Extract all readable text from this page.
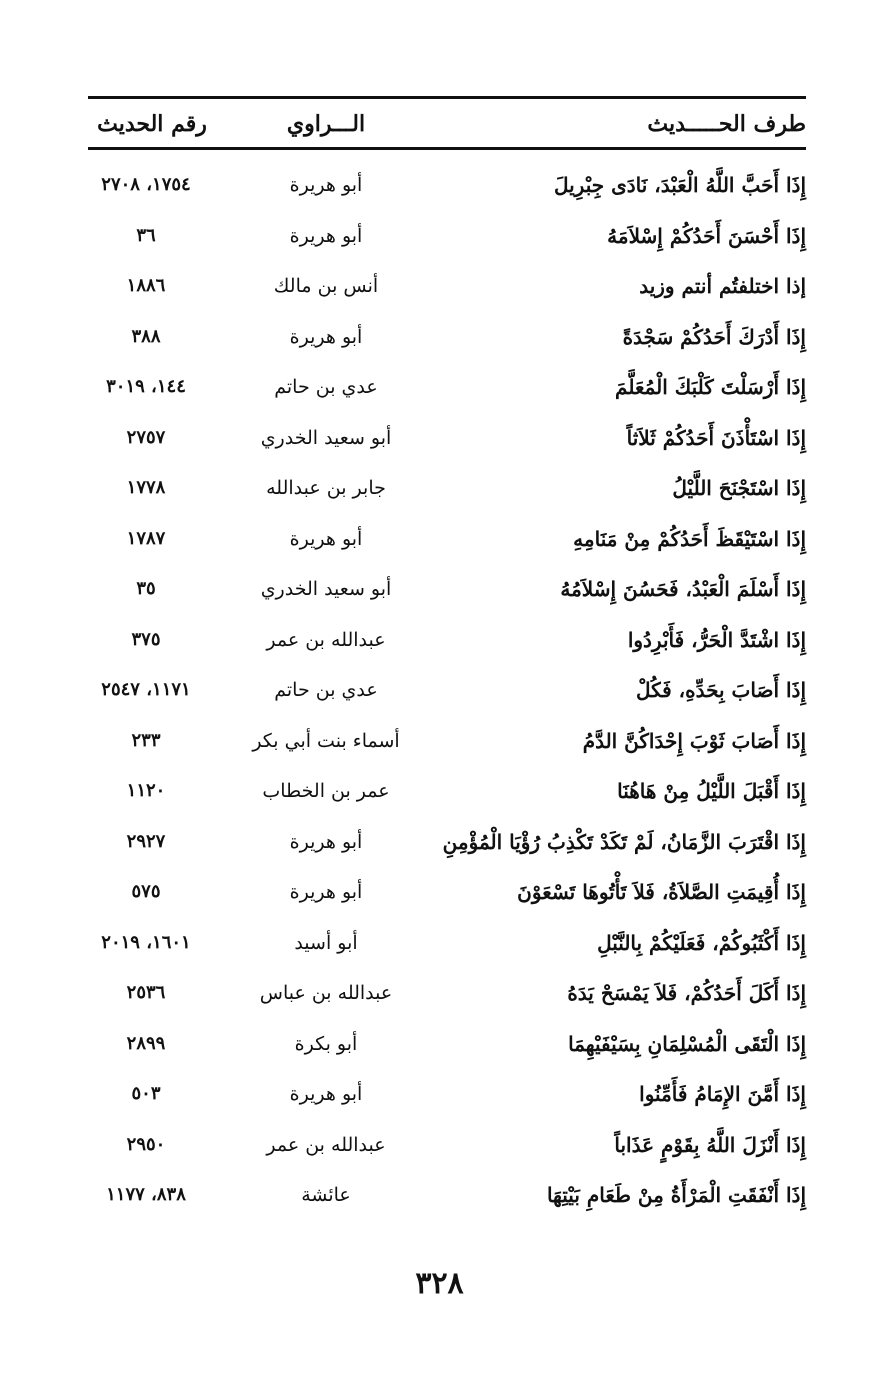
طرف الحـــــديث
الـــراوي
رقم الحديث
إِذَا أَحَبَّ اللَّهُ الْعَبْدَ، نَادَى جِبْرِيلَ
أبو هريرة
١٧٥٤، ٢٧٠٨
إِذَا أَحْسَنَ أَحَدُكُمْ إِسْلاَمَهُ
أبو هريرة
٣٦
إذا اختلفتُم أنتم وزيد
أنس بن مالك
١٨٨٦
إِذَا أَدْرَكَ أَحَدُكُمْ سَجْدَةً
أبو هريرة
٣٨٨
إِذَا أَرْسَلْتَ كَلْبَكَ الْمُعَلَّمَ
عدي بن حاتم
١٤٤، ٣٠١٩
إِذَا اسْتَأْذَنَ أَحَدُكُمْ ثَلاَثاً
أبو سعيد الخدري
٢٧٥٧
إِذَا اسْتَجْنَحَ اللَّيْلُ
جابر بن عبدالله
١٧٧٨
إِذَا اسْتَيْقَظَ أَحَدُكُمْ مِنْ مَنَامِهِ
أبو هريرة
١٧٨٧
إِذَا أَسْلَمَ الْعَبْدُ، فَحَسُنَ إِسْلاَمُهُ
أبو سعيد الخدري
٣٥
إِذَا اشْتَدَّ الْحَرُّ، فَأَبْرِدُوا
عبدالله بن عمر
٣٧٥
إِذَا أَصَابَ بِحَدِّهِ، فَكُلْ
عدي بن حاتم
١١٧١، ٢٥٤٧
إِذَا أَصَابَ ثَوْبَ إِحْدَاكُنَّ الدَّمُ
أسماء بنت أبي بكر
٢٣٣
إِذَا أَقْبَلَ اللَّيْلُ مِنْ هَاهُنَا
عمر بن الخطاب
١١٢٠
إِذَا اقْتَرَبَ الزَّمَانُ، لَمْ تَكَدْ تَكْذِبُ رُؤْيَا الْمُؤْمِنِ
أبو هريرة
٢٩٢٧
إِذَا أُقِيمَتِ الصَّلاَةُ، فَلاَ تَأْتُوهَا تَسْعَوْنَ
أبو هريرة
٥٧٥
إِذَا أَكْثَبُوكُمْ، فَعَلَيْكُمْ بِالنَّبْلِ
أبو أسيد
١٦٠١، ٢٠١٩
إِذَا أَكَلَ أَحَدُكُمْ، فَلاَ يَمْسَحْ يَدَهُ
عبدالله بن عباس
٢٥٣٦
إِذَا الْتَقَى الْمُسْلِمَانِ بِسَيْفَيْهِمَا
أبو بكرة
٢٨٩٩
إِذَا أَمَّنَ الإِمَامُ فَأَمِّنُوا
أبو هريرة
٥٠٣
إِذَا أَنْزَلَ اللَّهُ بِقَوْمٍ عَذَاباً
عبدالله بن عمر
٢٩٥٠
إِذَا أَنْفَقَتِ الْمَرْأَةُ مِنْ طَعَامِ بَيْتِهَا
عائشة
٨٣٨، ١١٧٧
٣٢٨
